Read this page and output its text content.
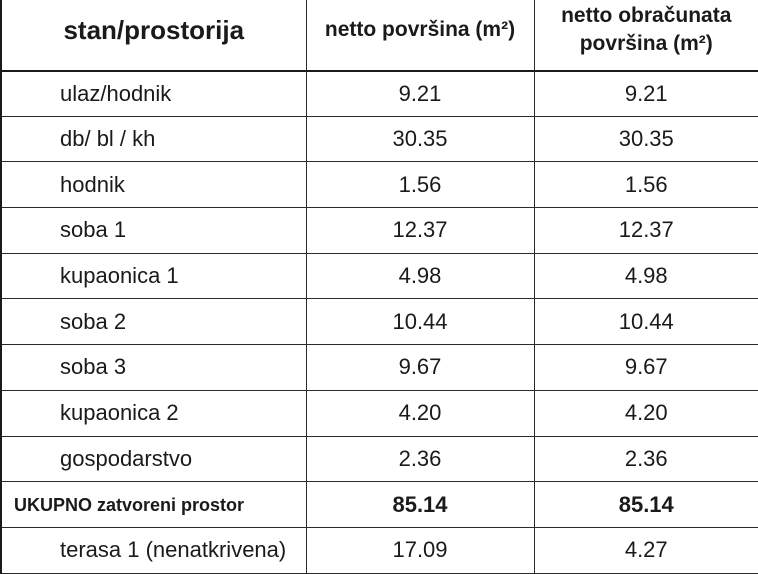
stan/prostorija	netto površina (m²)	netto obračunata
površina (m²)
ulaz/hodnik	9.21	9.21
db/ bl / kh	30.35	30.35
hodnik	1.56	1.56
soba 1	12.37	12.37
kupaonica 1	4.98	4.98
soba 2	10.44	10.44
soba 3	9.67	9.67
kupaonica 2	4.20	4.20
gospodarstvo	2.36	2.36
UKUPNO zatvoreni prostor	85.14	85.14
terasa 1 (nenatkrivena)	17.09	4.27
